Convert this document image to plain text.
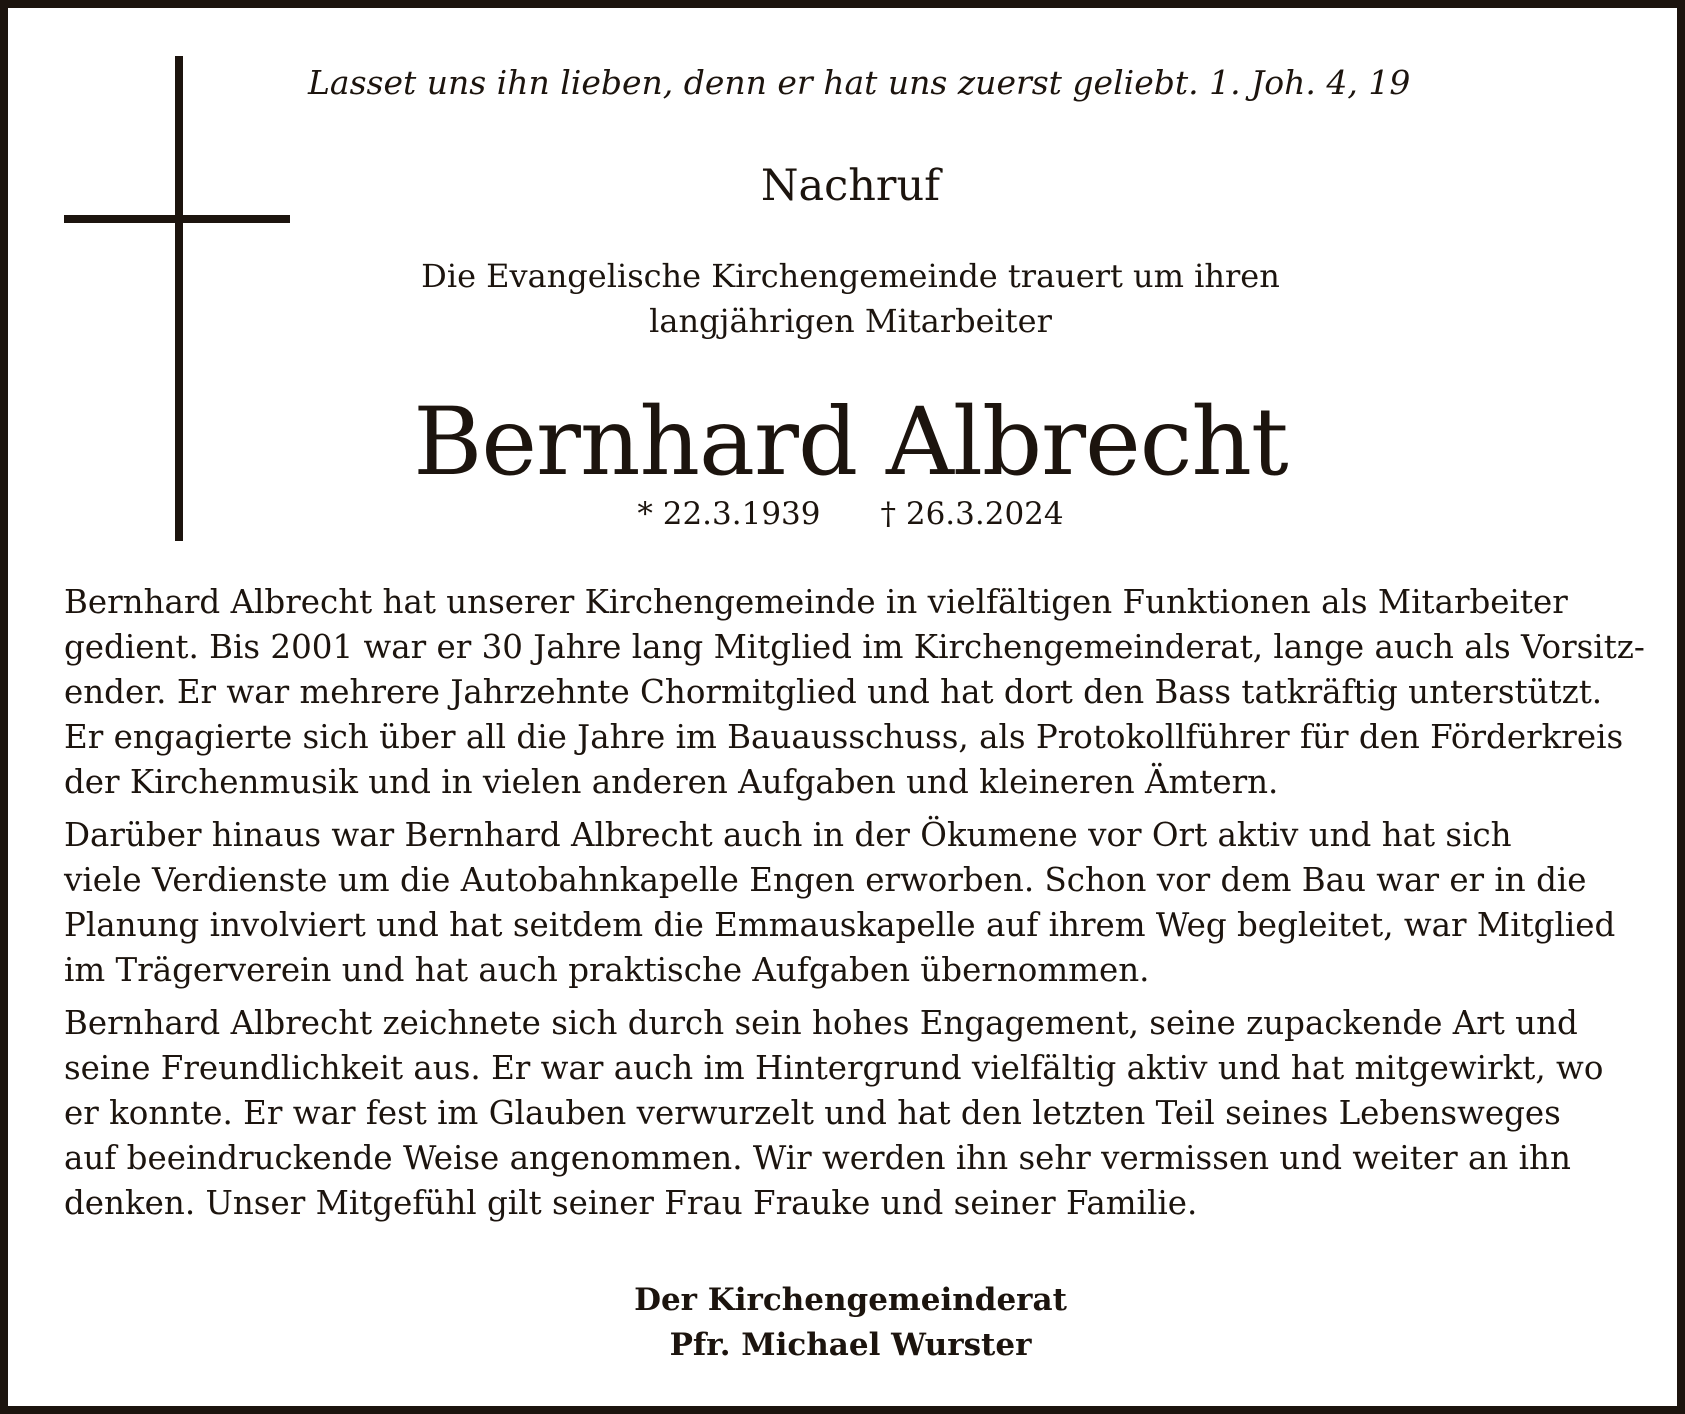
Lasset uns ihn lieben, denn er hat uns zuerst geliebt. 1. Joh. 4, 19
Nachruf
Die Evangelische Kirchengemeinde trauert um ihren
langjährigen Mitarbeiter
Bernhard Albrecht
* 22.3.1939 † 26.3.2024
Bernhard Albrecht hat unserer Kirchengemeinde in vielfältigen Funktionen als Mitarbeiter
gedient. Bis 2001 war er 30 Jahre lang Mitglied im Kirchengemeinderat, lange auch als Vorsitz-
ender. Er war mehrere Jahrzehnte Chormitglied und hat dort den Bass tatkräftig unterstützt.
Er engagierte sich über all die Jahre im Bauausschuss, als Protokollführer für den Förderkreis
der Kirchenmusik und in vielen anderen Aufgaben und kleineren Ämtern.
Darüber hinaus war Bernhard Albrecht auch in der Ökumene vor Ort aktiv und hat sich
viele Verdienste um die Autobahnkapelle Engen erworben. Schon vor dem Bau war er in die
Planung involviert und hat seitdem die Emmauskapelle auf ihrem Weg begleitet, war Mitglied
im Trägerverein und hat auch praktische Aufgaben übernommen.
Bernhard Albrecht zeichnete sich durch sein hohes Engagement, seine zupackende Art und
seine Freundlichkeit aus. Er war auch im Hintergrund vielfältig aktiv und hat mitgewirkt, wo
er konnte. Er war fest im Glauben verwurzelt und hat den letzten Teil seines Lebensweges
auf beeindruckende Weise angenommen. Wir werden ihn sehr vermissen und weiter an ihn
denken. Unser Mitgefühl gilt seiner Frau Frauke und seiner Familie.
Der Kirchengemeinderat
Pfr. Michael Wurster
